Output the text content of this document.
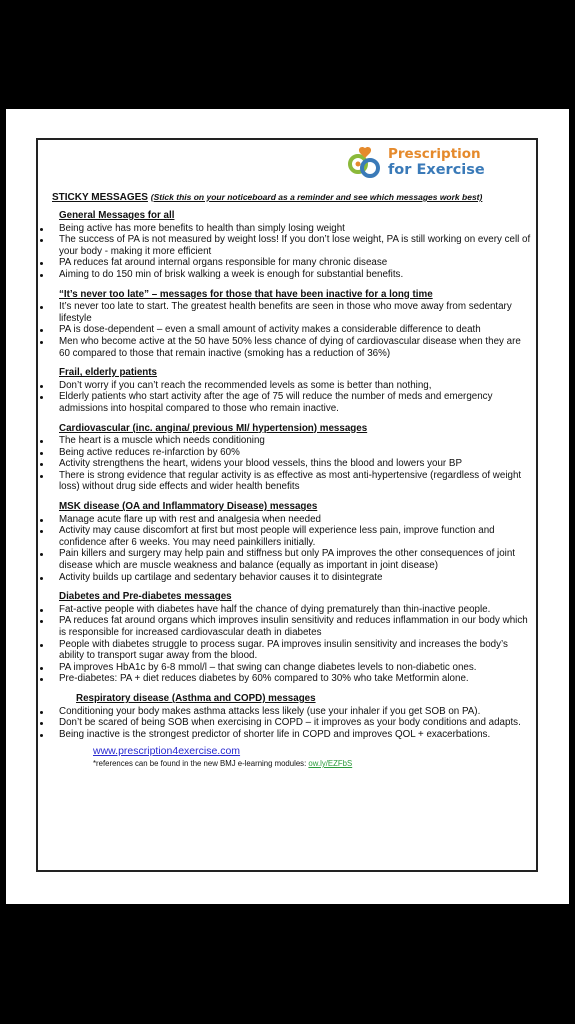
Prescription
for Exercise
STICKY MESSAGES (Stick this on your noticeboard as a reminder and see which messages work best)
General Messages for all
Being active has more benefits to health than simply losing weight
The success of PA is not measured by weight loss! If you don’t lose weight, PA is still working on every cell of your body - making it more efficient
PA reduces fat around internal organs responsible for many chronic disease
Aiming to do 150 min of brisk walking a week is enough for substantial benefits.
“It’s never too late” – messages for those that have been inactive for a long time
It’s never too late to start. The greatest health benefits are seen in those who move away from sedentary lifestyle
PA is dose-dependent – even a small amount of activity makes a considerable difference to death
Men who become active at the 50 have 50% less chance of dying of cardiovascular disease when they are 60 compared to those that remain inactive (smoking has a reduction of 36%)
Frail, elderly patients
Don’t worry if you can’t reach the recommended levels as some is better than nothing,
Elderly patients who start activity after the age of 75 will reduce the number of meds and emergency admissions into hospital compared to those who remain inactive.
Cardiovascular (inc. angina/ previous MI/ hypertension) messages
The heart is a muscle which needs conditioning
Being active reduces re-infarction by 60%
Activity strengthens the heart, widens your blood vessels, thins the blood and lowers your BP
There is strong evidence that regular activity is as effective as most anti-hypertensive (regardless of weight loss) without drug side effects and wider health benefits
MSK disease (OA and Inflammatory Disease) messages
Manage acute flare up with rest and analgesia when needed
Activity may cause discomfort at first but most people will experience less pain, improve function and confidence after 6 weeks. You may need painkillers initially.
Pain killers and surgery may help pain and stiffness but only PA improves the other consequences of joint disease which are muscle weakness and balance (equally as important in joint disease)
Activity builds up cartilage and sedentary behavior causes it to disintegrate
Diabetes and Pre-diabetes messages
Fat-active people with diabetes have half the chance of dying prematurely than thin-inactive people.
PA reduces fat around organs which improves insulin sensitivity and reduces inflammation in our body which is responsible for increased cardiovascular death in diabetes
People with diabetes struggle to process sugar. PA improves insulin sensitivity and increases the body’s ability to transport sugar away from the blood.
PA improves HbA1c by 6-8 mmol/l – that swing can change diabetes levels to non-diabetic ones.
Pre-diabetes: PA + diet reduces diabetes by 60% compared to 30% who take Metformin alone.
Respiratory disease (Asthma and COPD) messages
Conditioning your body makes asthma attacks less likely (use your inhaler if you get SOB on PA).
Don’t be scared of being SOB when exercising in COPD – it improves as your body conditions and adapts.
Being inactive is the strongest predictor of shorter life in COPD and improves QOL + exacerbations.
www.prescription4exercise.com
*references can be found in the new BMJ e-learning modules: ow.ly/EZFbS
